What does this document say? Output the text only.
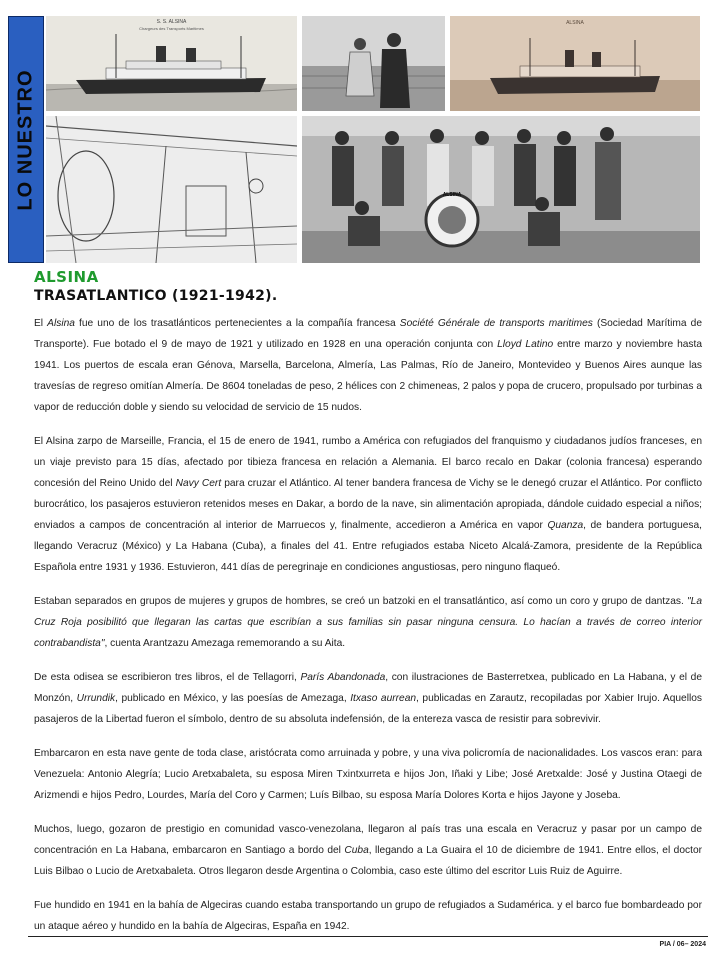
LO NUESTRO
S. S. ALSINA
Chargeurs des Transports Maritimes
ALSINA
ALSINA
ALSINA
TRASATLANTICO (1921-1942).

El Alsina fue uno de los trasatlánticos pertenecientes a la compañía francesa Société Générale de transports maritimes (Sociedad Marítima de Transporte). Fue botado el 9 de mayo de 1921 y utilizado en 1928 en una operación conjunta con Lloyd Latino entre marzo y noviembre hasta 1941. Los puertos de escala eran Génova, Marsella, Barcelona, Almería, Las Palmas, Río de Janeiro, Montevideo y Buenos Aires aunque las travesías de regreso omitían Almería. De 8604 toneladas de peso, 2 hélices con 2 chimeneas, 2 palos y popa de crucero, propulsado por turbinas a vapor de reducción doble y siendo su velocidad de servicio de 15 nudos.

El Alsina zarpo de Marseille, Francia, el 15 de enero de 1941, rumbo a América con refugiados del franquismo y ciudadanos judíos franceses, en un viaje previsto para 15 días, afectado por tibieza francesa en relación a Alemania. El barco recalo en Dakar (colonia francesa) esperando concesión del Reino Unido del Navy Cert para cruzar el Atlántico. Al tener bandera francesa de Vichy se le denegó cruzar el Atlántico. Por conflicto burocrático, los pasajeros estuvieron retenidos meses en Dakar, a bordo de la nave, sin alimentación apropiada, dándole cuidado especial a niños; enviados a campos de concentración al interior de Marruecos y, finalmente, accedieron a América en vapor Quanza, de bandera portuguesa, llegando Veracruz (México) y La Habana (Cuba), a finales del 41. Entre refugiados estaba Niceto Alcalá-Zamora, presidente de la República Española entre 1931 y 1936. Estuvieron, 441 días de peregrinaje en condiciones angustiosas, pero ninguno flaqueó.

Estaban separados en grupos de mujeres y grupos de hombres, se creó un batzoki en el transatlántico, así como un coro y grupo de dantzas. "La Cruz Roja posibilitó que llegaran las cartas que escribían a sus familias sin pasar ninguna censura. Lo hacían a través de correo interior contrabandista", cuenta Arantzazu Amezaga rememorando a su Aita.

De esta odisea se escribieron tres libros, el de Tellagorri, París Abandonada, con ilustraciones de Basterretxea, publicado en La Habana, y el de Monzón, Urrundik, publicado en México, y las poesías de Amezaga, Itxaso aurrean, publicadas en Zarautz, recopiladas por Xabier Irujo. Aquellos pasajeros de la Libertad fueron el símbolo, dentro de su absoluta indefensión, de la entereza vasca de resistir para sobrevivir.

Embarcaron en esta nave gente de toda clase, aristócrata como arruinada y pobre, y una viva policromía de nacionalidades. Los vascos eran: para Venezuela: Antonio Alegría; Lucio Aretxabaleta, su esposa Miren Txintxurreta e hijos Jon, Iñaki y Libe; José Aretxalde: José y Justina Otaegi de Arizmendi e hijos Pedro, Lourdes, María del Coro y Carmen; Luís Bilbao, su esposa María Dolores Korta e hijos Jayone y Joseba.

Muchos, luego, gozaron de prestigio en comunidad vasco-venezolana, llegaron al país tras una escala en Veracruz y pasar por un campo de concentración en La Habana, embarcaron en Santiago a bordo del Cuba, llegando a La Guaira el 10 de diciembre de 1941. Entre ellos, el doctor Luis Bilbao o Lucio de Aretxabaleta. Otros llegaron desde Argentina o Colombia, caso este último del escritor Luis Ruiz de Aguirre.

Fue hundido en 1941 en la bahía de Algeciras cuando estaba transportando un grupo de refugiados a Sudamérica. y el barco fue bombardeado por un ataque aéreo y hundido en la bahía de Algeciras, España en 1942.

PIA / 06– 2024
